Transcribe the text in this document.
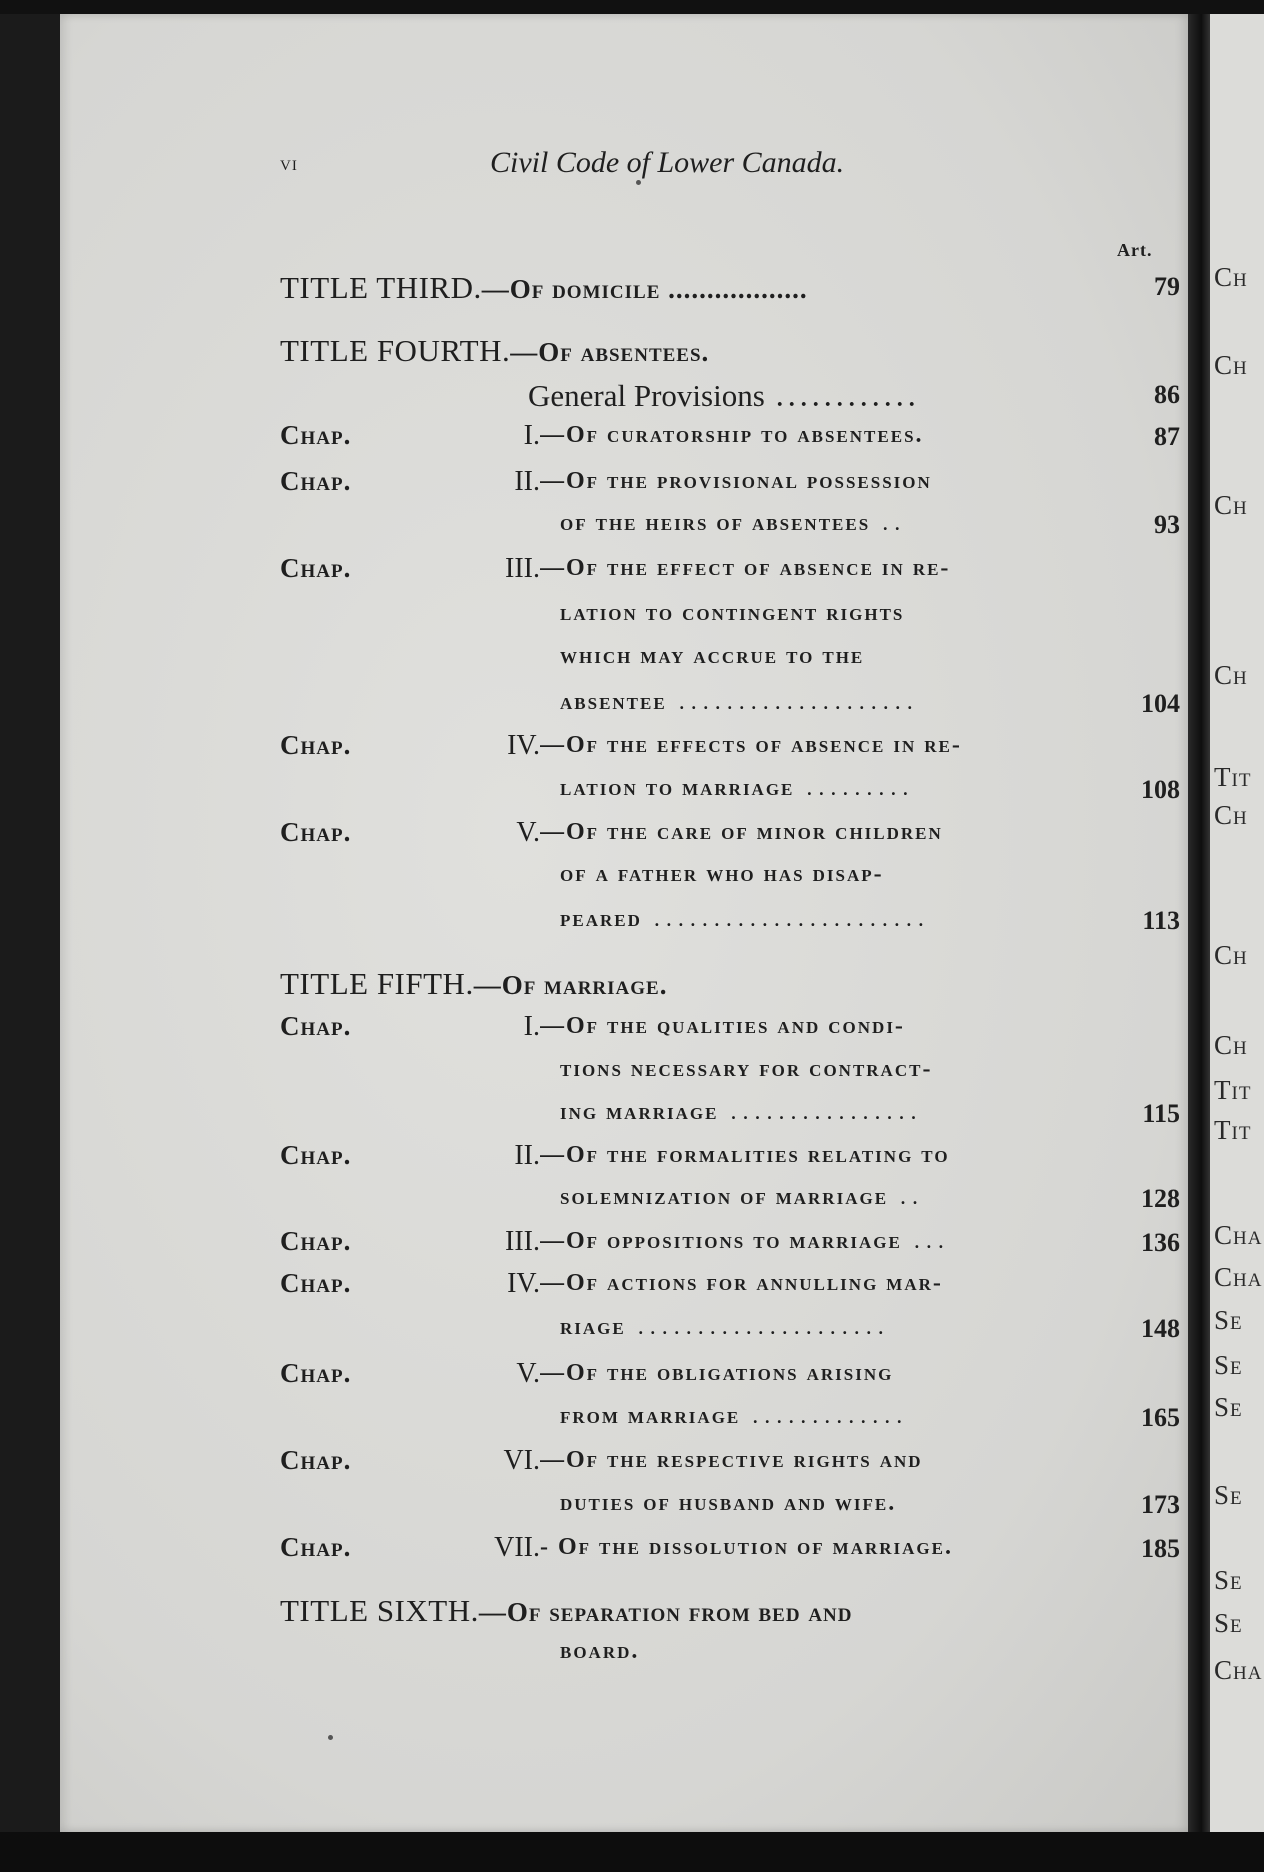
Ch
Ch
Ch
Ch
Tit
Ch
Ch
Ch
Tit
Tit
Cha
Cha
Se
Se
Se
Se
Se
Se
Cha
vi	Civil Code of Lower Canada.
Art.
TITLE THIRD.—Of domicile ..................	79
TITLE FOURTH.—Of absentees.
General Provisions ............	86
Chap.	I. —Of curatorship to absentees.	87
Chap.	II. —Of the provisional possession
of the heirs of absentees ..	93
Chap.	III. —Of the effect of absence in re-
lation to contingent rights
which may accrue to the
absentee ....................	104
Chap.	IV. —Of the effects of absence in re-
lation to marriage .........	108
Chap.	V. —Of the care of minor children
of a father who has disap-
peared .......................	113
TITLE FIFTH.—Of marriage.
Chap.	I. —Of the qualities and condi-
tions necessary for contract-
ing marriage ................	115
Chap.	II. —Of the formalities relating to
solemnization of marriage ..	128
Chap.	III. —Of oppositions to marriage ...	136
Chap.	IV. —Of actions for annulling mar-
riage .....................	148
Chap.	V. —Of the obligations arising
from marriage .............	165
Chap.	VI. —Of the respective rights and
duties of husband and wife.	173
Chap.	VII. - Of the dissolution of marriage.	185
TITLE SIXTH.—Of separation from bed and
board.
